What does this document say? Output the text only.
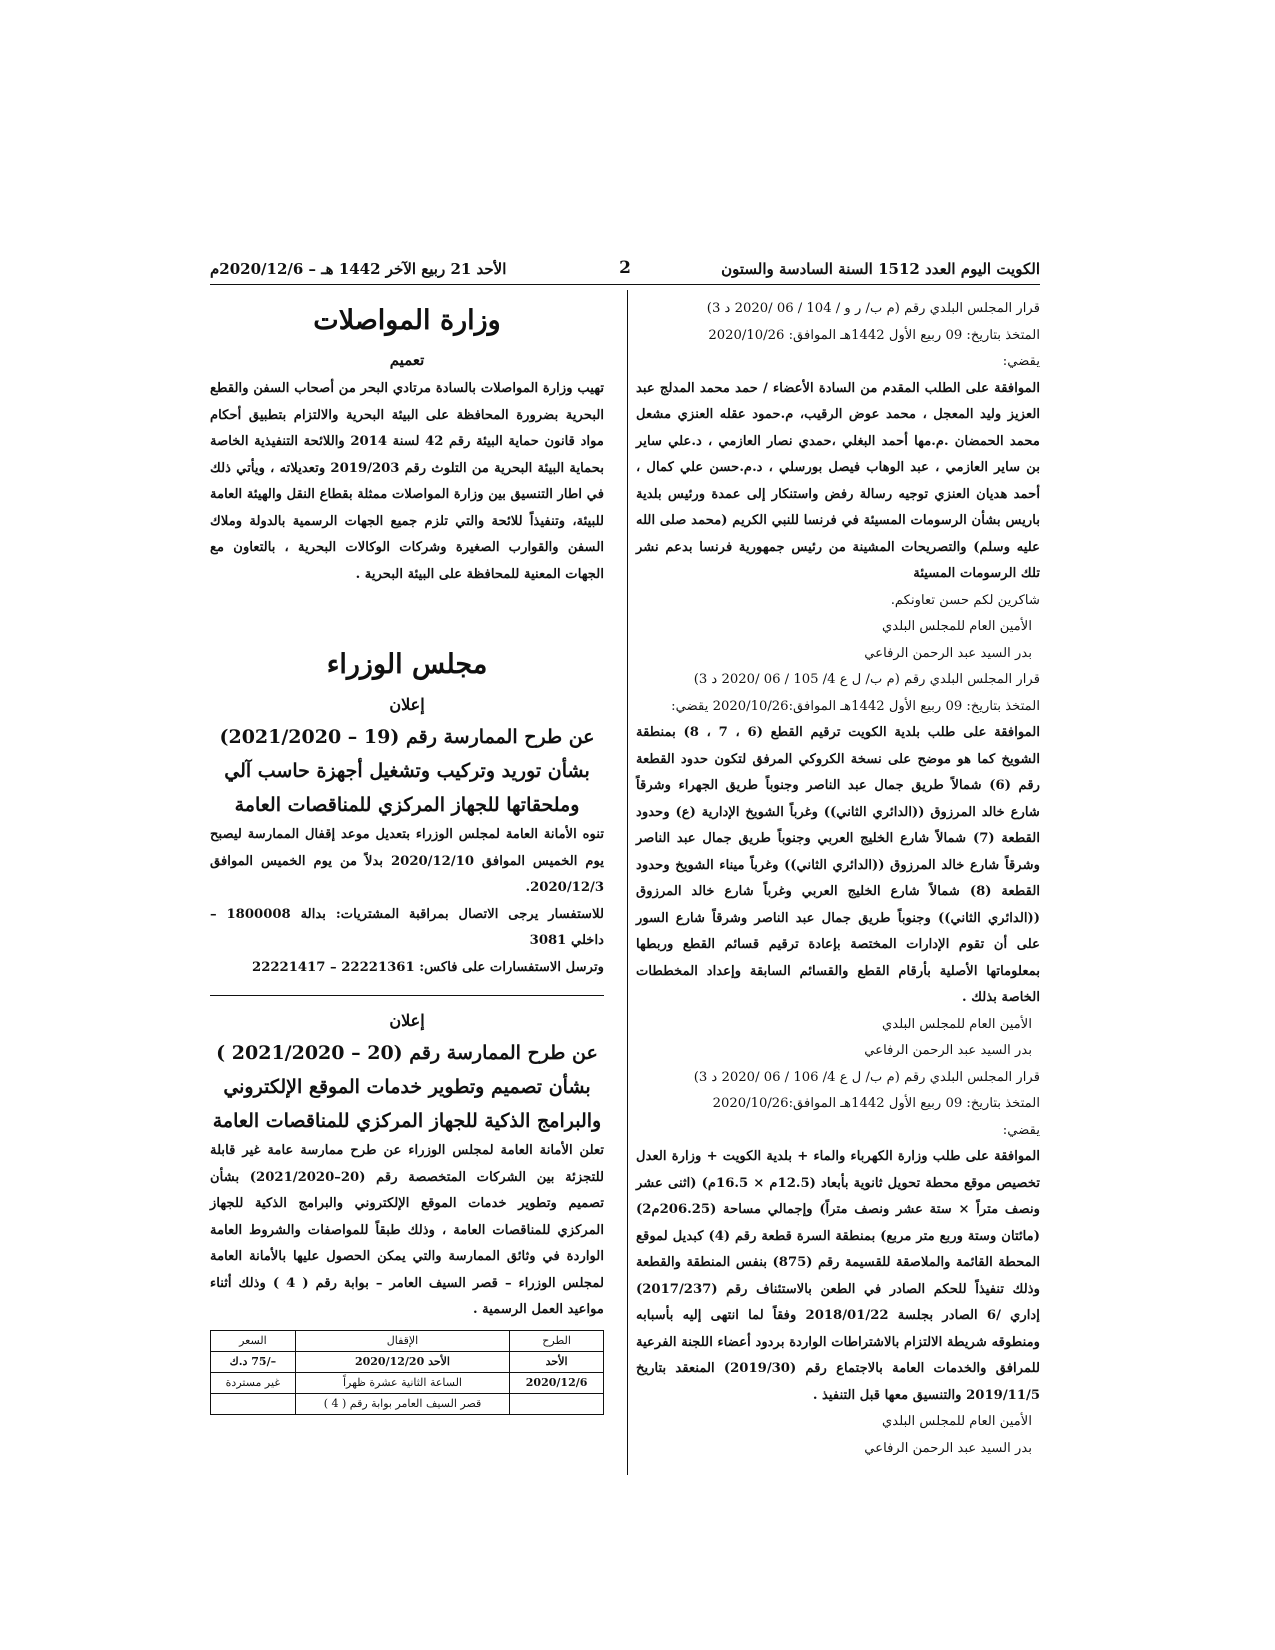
الكويت اليوم العدد 1512 السنة السادسة والستون
2
الأحد 21 ربيع الآخر 1442 هـ – 2020/12/6م

قرار المجلس البلدي رقم (م ب/ ر و / 104 / 06 /2020 د 3)

المتخذ بتاريخ: 09 ربيع الأول 1442هـ الموافق: 2020/10/26

يقضي:

الموافقة على الطلب المقدم من السادة الأعضاء / حمد محمد المدلج عبد العزيز وليد المعجل ، محمد عوض الرقيب، م.حمود عقله العنزي مشعل محمد الحمضان .م.مها أحمد البغلي ،حمدي نصار العازمي ، د.علي ساير بن ساير العازمي ، عبد الوهاب فيصل بورسلي ، د.م.حسن علي كمال ، أحمد هديان العنزي توجيه رسالة رفض واستنكار إلى عمدة ورئيس بلدية باريس بشأن الرسومات المسيئة في فرنسا للنبي الكريم (محمد صلى الله عليه وسلم) والتصريحات المشينة من رئيس جمهورية فرنسا بدعم نشر تلك الرسومات المسيئة

شاكرين لكم حسن تعاونكم.

الأمين العام للمجلس البلدي

بدر السيد عبد الرحمن الرفاعي

قرار المجلس البلدي رقم (م ب/ ل ع 4/ 105 / 06 /2020 د 3)

المتخذ بتاريخ: 09 ربيع الأول 1442هـ الموافق:2020/10/26 يقضي:

الموافقة على طلب بلدية الكويت ترقيم القطع (6 ، 7 ، 8) بمنطقة الشويخ كما هو موضح على نسخة الكروكي المرفق لتكون حدود القطعة رقم (6) شمالاً طريق جمال عبد الناصر وجنوباً طريق الجهراء وشرقاً شارع خالد المرزوق ((الدائري الثاني)) وغرباً الشويخ الإدارية (ع) وحدود القطعة (7) شمالاً شارع الخليج العربي وجنوباً طريق جمال عبد الناصر وشرقاً شارع خالد المرزوق ((الدائري الثاني)) وغرباً ميناء الشويخ وحدود القطعة (8) شمالاً شارع الخليج العربي وغرباً شارع خالد المرزوق ((الدائري الثاني)) وجنوباً طريق جمال عبد الناصر وشرقاً شارع السور على أن تقوم الإدارات المختصة بإعادة ترقيم قسائم القطع وربطها بمعلوماتها الأصلية بأرقام القطع والقسائم السابقة وإعداد المخططات الخاصة بذلك .

الأمين العام للمجلس البلدي

بدر السيد عبد الرحمن الرفاعي

قرار المجلس البلدي رقم (م ب/ ل ع 4/ 106 / 06 /2020 د 3)

المتخذ بتاريخ: 09 ربيع الأول 1442هـ الموافق:2020/10/26

يقضي:

الموافقة على طلب وزارة الكهرباء والماء + بلدية الكويت + وزارة العدل تخصيص موقع محطة تحويل ثانوية بأبعاد (12.5م × 16.5م) (اثنى عشر ونصف متراً × ستة عشر ونصف متراً) وإجمالي مساحة (206.25م2) (مائتان وستة وربع متر مربع) بمنطقة السرة قطعة رقم (4) كبديل لموقع المحطة القائمة والملاصقة للقسيمة رقم (875) بنفس المنطقة والقطعة وذلك تنفيذاً للحكم الصادر في الطعن بالاستئناف رقم (2017/237) إداري /6 الصادر بجلسة 2018/01/22 وفقاً لما انتهى إليه بأسبابه ومنطوقه شريطة الالتزام بالاشتراطات الواردة بردود أعضاء اللجنة الفرعية للمرافق والخدمات العامة بالاجتماع رقم (2019/30) المنعقد بتاريخ 2019/11/5 والتنسيق معها قبل التنفيذ .

الأمين العام للمجلس البلدي

بدر السيد عبد الرحمن الرفاعي

وزارة المواصلات
تعميم

تهيب وزارة المواصلات بالسادة مرتادي البحر من أصحاب السفن والقطع البحرية بضرورة المحافظة على البيئة البحرية والالتزام بتطبيق أحكام مواد قانون حماية البيئة رقم 42 لسنة 2014 واللائحة التنفيذية الخاصة بحماية البيئة البحرية من التلوث رقم 2019/203 وتعديلاته ، ويأتي ذلك في اطار التنسيق بين وزارة المواصلات ممثلة بقطاع النقل والهيئة العامة للبيئة، وتنفيذاً للائحة والتي تلزم جميع الجهات الرسمية بالدولة وملاك السفن والقوارب الصغيرة وشركات الوكالات البحرية ، بالتعاون مع الجهات المعنية للمحافظة على البيئة البحرية .

مجلس الوزراء
إعلان
عن طرح الممارسة رقم (19 – 2021/2020)
بشأن توريد وتركيب وتشغيل أجهزة حاسب آلي
وملحقاتها للجهاز المركزي للمناقصات العامة

تنوه الأمانة العامة لمجلس الوزراء بتعديل موعد إقفال الممارسة ليصبح يوم الخميس الموافق 2020/12/10 بدلاً من يوم الخميس الموافق 2020/12/3.

للاستفسار يرجى الاتصال بمراقبة المشتريات: بدالة 1800008 – داخلي 3081

وترسل الاستفسارات على فاكس: 22221361 – 22221417

إعلان
عن طرح الممارسة رقم (20 – 2021/2020 )
بشأن تصميم وتطوير خدمات الموقع الإلكتروني
والبرامج الذكية للجهاز المركزي للمناقصات العامة

تعلن الأمانة العامة لمجلس الوزراء عن طرح ممارسة عامة غير قابلة للتجزئة بين الشركات المتخصصة رقم (20–2021/2020) بشأن تصميم وتطوير خدمات الموقع الإلكتروني والبرامج الذكية للجهاز المركزي للمناقصات العامة ، وذلك طبقاً للمواصفات والشروط العامة الواردة في وثائق الممارسة والتي يمكن الحصول عليها بالأمانة العامة لمجلس الوزراء – قصر السيف العامر – بوابة رقم ( 4 ) وذلك أثناء مواعيد العمل الرسمية .

الطرح	الإقفال	السعر
الأحد	الأحد 2020/12/20	–/75 د.ك
2020/12/6	الساعة الثانية عشرة ظهراً	غير مستردة
	قصر السيف العامر بوابة رقم ( 4 )	
